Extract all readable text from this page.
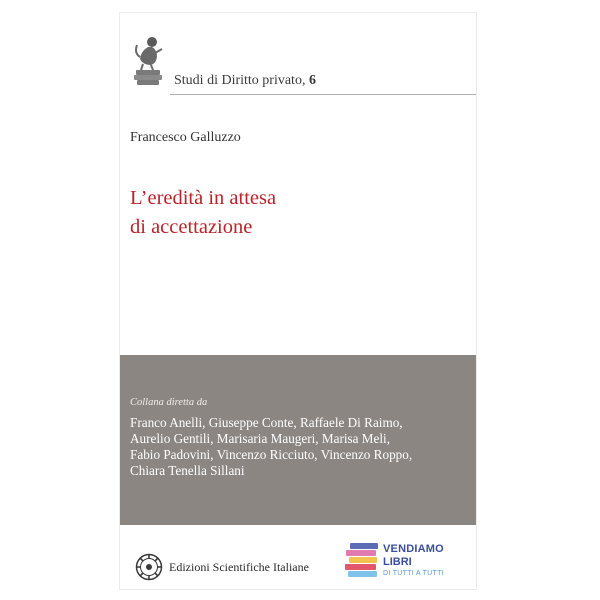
Studi di Diritto privato, 6
Francesco Galluzzo
L’eredità in attesa
di accettazione
Collana diretta da
Franco Anelli, Giuseppe Conte, Raffaele Di Raimo,
Aurelio Gentili, Marisaria Maugeri, Marisa Meli,
Fabio Padovini, Vincenzo Ricciuto, Vincenzo Roppo,
Chiara Tenella Sillani
Edizioni Scientifiche Italiane
VENDIAMO
LIBRI
DI TUTTI A TUTTI
